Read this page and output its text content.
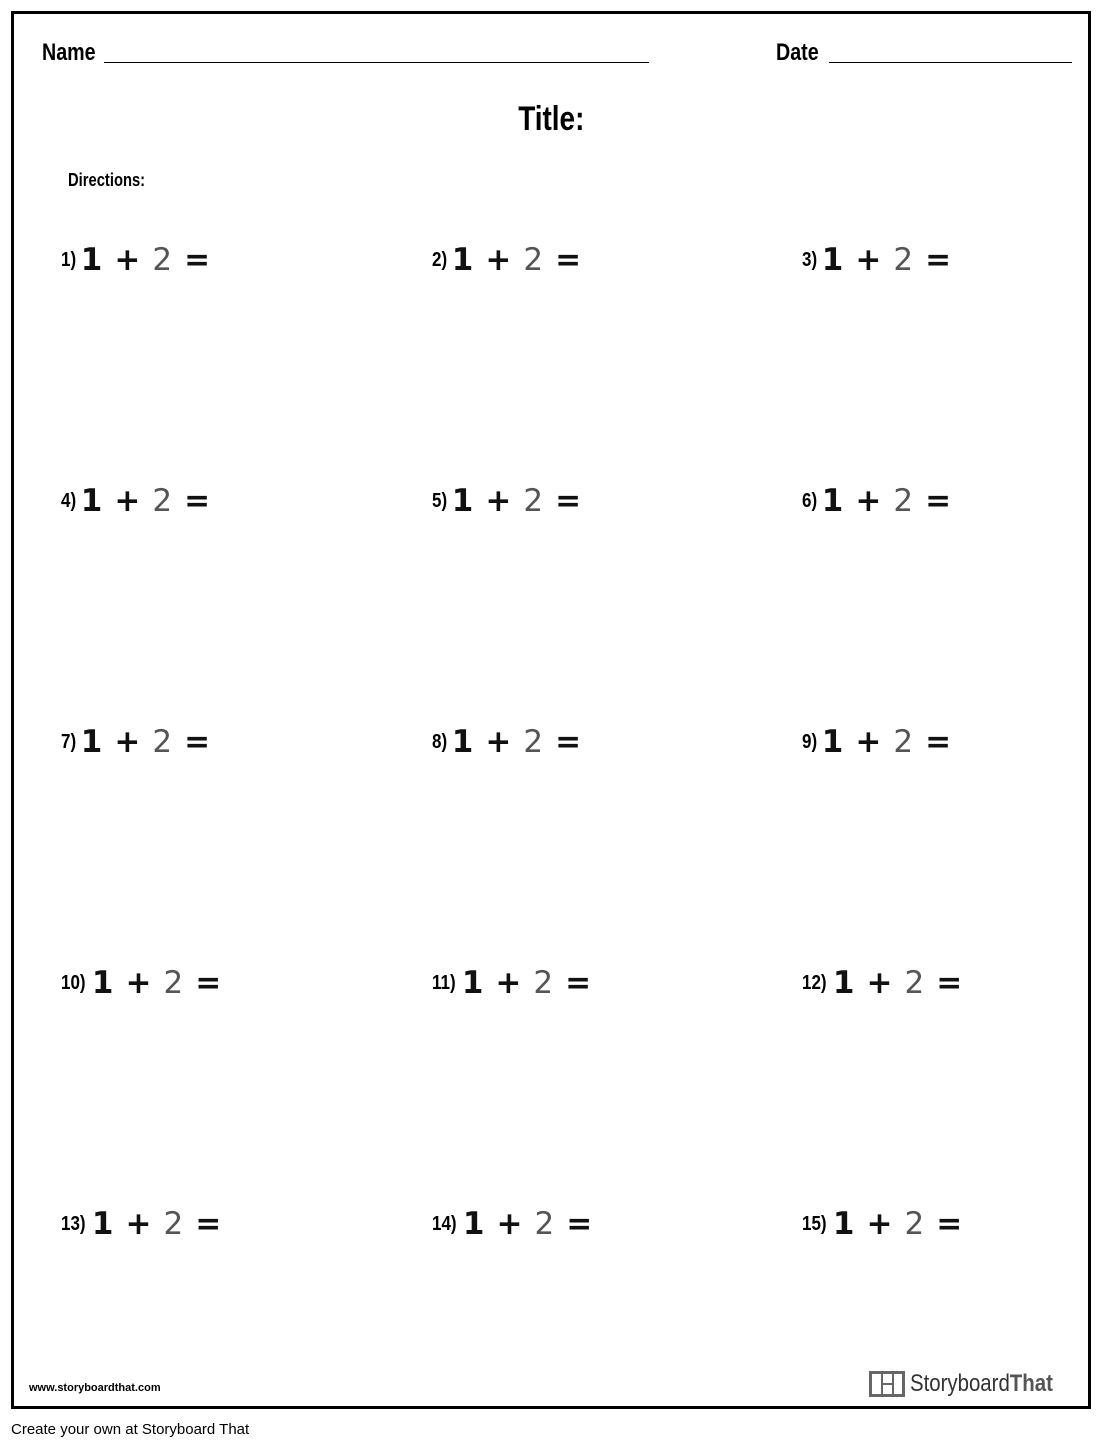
Name	Date
Title:
Directions:
1) 1 + 2 =	2) 1 + 2 =	3) 1 + 2 =
4) 1 + 2 =	5) 1 + 2 =	6) 1 + 2 =
7) 1 + 2 =	8) 1 + 2 =	9) 1 + 2 =
10) 1 + 2 =	11) 1 + 2 =	12) 1 + 2 =
13) 1 + 2 =	14) 1 + 2 =	15) 1 + 2 =
www.storyboardthat.com	StoryboardThat
Create your own at Storyboard That
